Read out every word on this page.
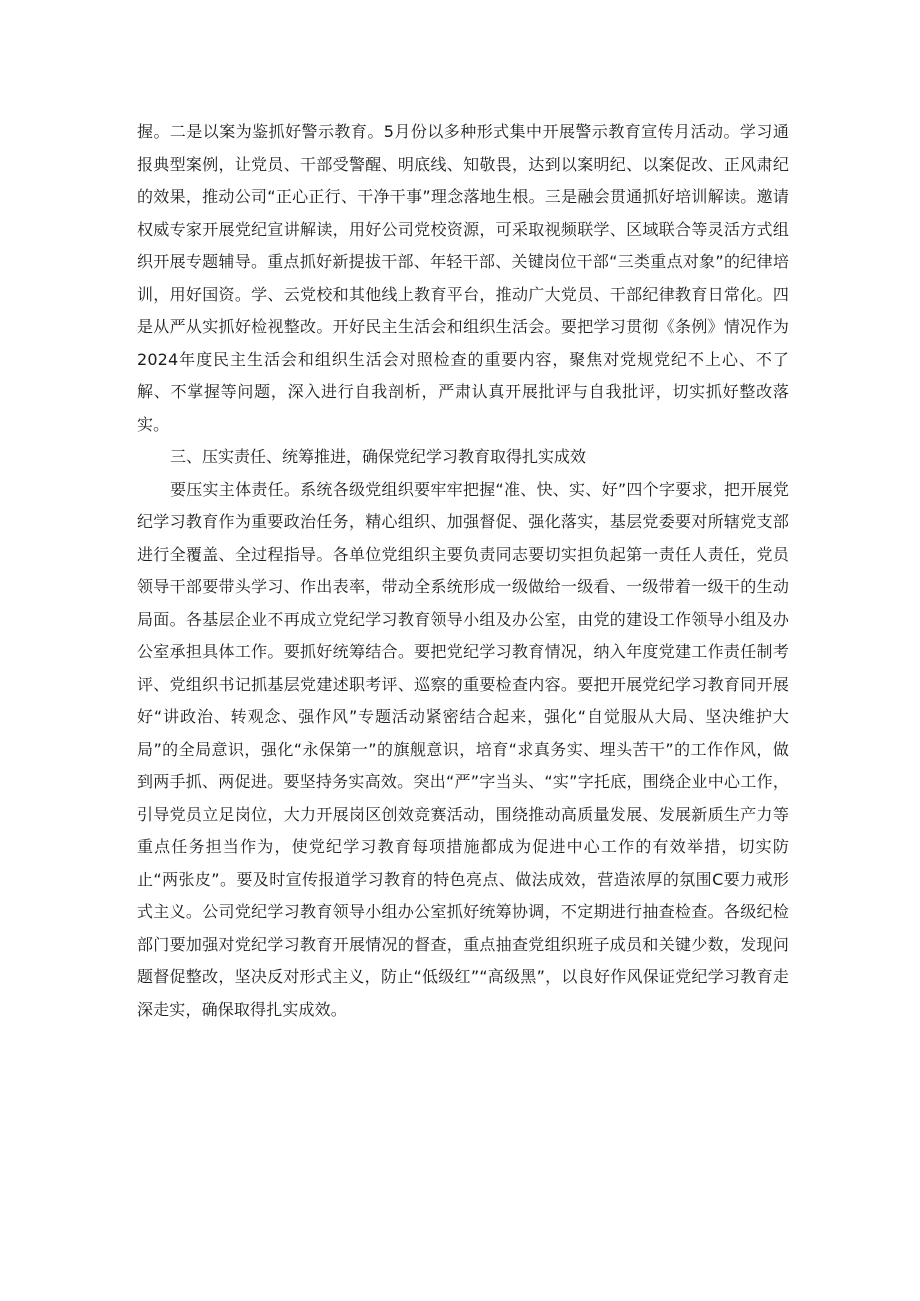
握。二是以案为鉴抓好警示教育。5月份以多种形式集中开展警示教育宣传月活动。学习通报典型案例，让党员、干部受警醒、明底线、知敬畏，达到以案明纪、以案促改、正风肃纪的效果，推动公司“正心正行、干净干事”理念落地生根。三是融会贯通抓好培训解读。邀请权威专家开展党纪宣讲解读，用好公司党校资源，可采取视频联学、区域联合等灵活方式组织开展专题辅导。重点抓好新提拔干部、年轻干部、关键岗位干部“三类重点对象”的纪律培训，用好国资。学、云党校和其他线上教育平台，推动广大党员、干部纪律教育日常化。四是从严从实抓好检视整改。开好民主生活会和组织生活会。要把学习贯彻《条例》情况作为2024年度民主生活会和组织生活会对照检查的重要内容，聚焦对党规党纪不上心、不了解、不掌握等问题，深入进行自我剖析，严肃认真开展批评与自我批评，切实抓好整改落实。

三、压实责任、统筹推进，确保党纪学习教育取得扎实成效

要压实主体责任。系统各级党组织要牢牢把握“准、快、实、好”四个字要求，把开展党纪学习教育作为重要政治任务，精心组织、加强督促、强化落实，基层党委要对所辖党支部进行全覆盖、全过程指导。各单位党组织主要负责同志要切实担负起第一责任人责任，党员领导干部要带头学习、作出表率，带动全系统形成一级做给一级看、一级带着一级干的生动局面。各基层企业不再成立党纪学习教育领导小组及办公室，由党的建设工作领导小组及办公室承担具体工作。要抓好统筹结合。要把党纪学习教育情况，纳入年度党建工作责任制考评、党组织书记抓基层党建述职考评、巡察的重要检查内容。要把开展党纪学习教育同开展好“讲政治、转观念、强作风”专题活动紧密结合起来，强化“自觉服从大局、坚决维护大局”的全局意识，强化“永保第一”的旗舰意识，培育“求真务实、埋头苦干”的工作作风，做到两手抓、两促进。要坚持务实高效。突出“严”字当头、“实”字托底，围绕企业中心工作，引导党员立足岗位，大力开展岗区创效竞赛活动，围绕推动高质量发展、发展新质生产力等重点任务担当作为，使党纪学习教育每项措施都成为促进中心工作的有效举措，切实防止“两张皮”。要及时宣传报道学习教育的特色亮点、做法成效，营造浓厚的氛围C要力戒形式主义。公司党纪学习教育领导小组办公室抓好统筹协调，不定期进行抽查检查。各级纪检部门要加强对党纪学习教育开展情况的督查，重点抽查党组织班子成员和关键少数，发现问题督促整改，坚决反对形式主义，防止“低级红”“高级黑”，以良好作风保证党纪学习教育走深走实，确保取得扎实成效。
